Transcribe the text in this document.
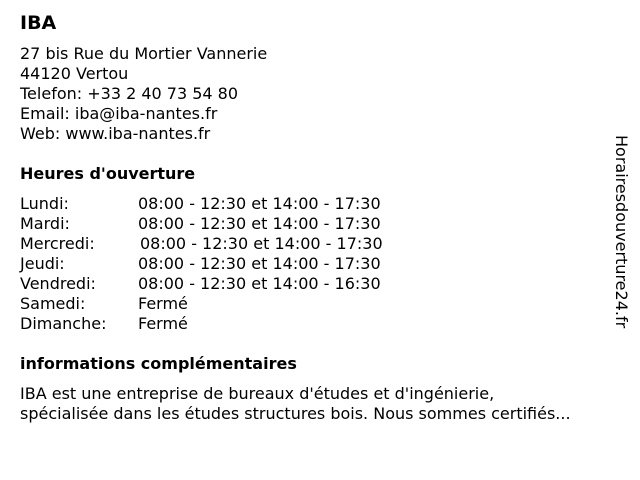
IBA
27 bis Rue du Mortier Vannerie
44120 Vertou
Telefon: +33 2 40 73 54 80
Email: iba@iba-nantes.fr
Web: www.iba-nantes.fr
Heures d'ouverture
Lundi:	08:00 - 12:30 et 14:00 - 17:30
Mardi:	08:00 - 12:30 et 14:00 - 17:30
Mercredi:	08:00 - 12:30 et 14:00 - 17:30
Jeudi:	08:00 - 12:30 et 14:00 - 17:30
Vendredi:	08:00 - 12:30 et 14:00 - 16:30
Samedi:	Fermé
Dimanche:	Fermé
informations complémentaires
IBA est une entreprise de bureaux d'études et d'ingénierie,
spécialisée dans les études structures bois. Nous sommes certifiés...
Horairesdouverture24.fr
